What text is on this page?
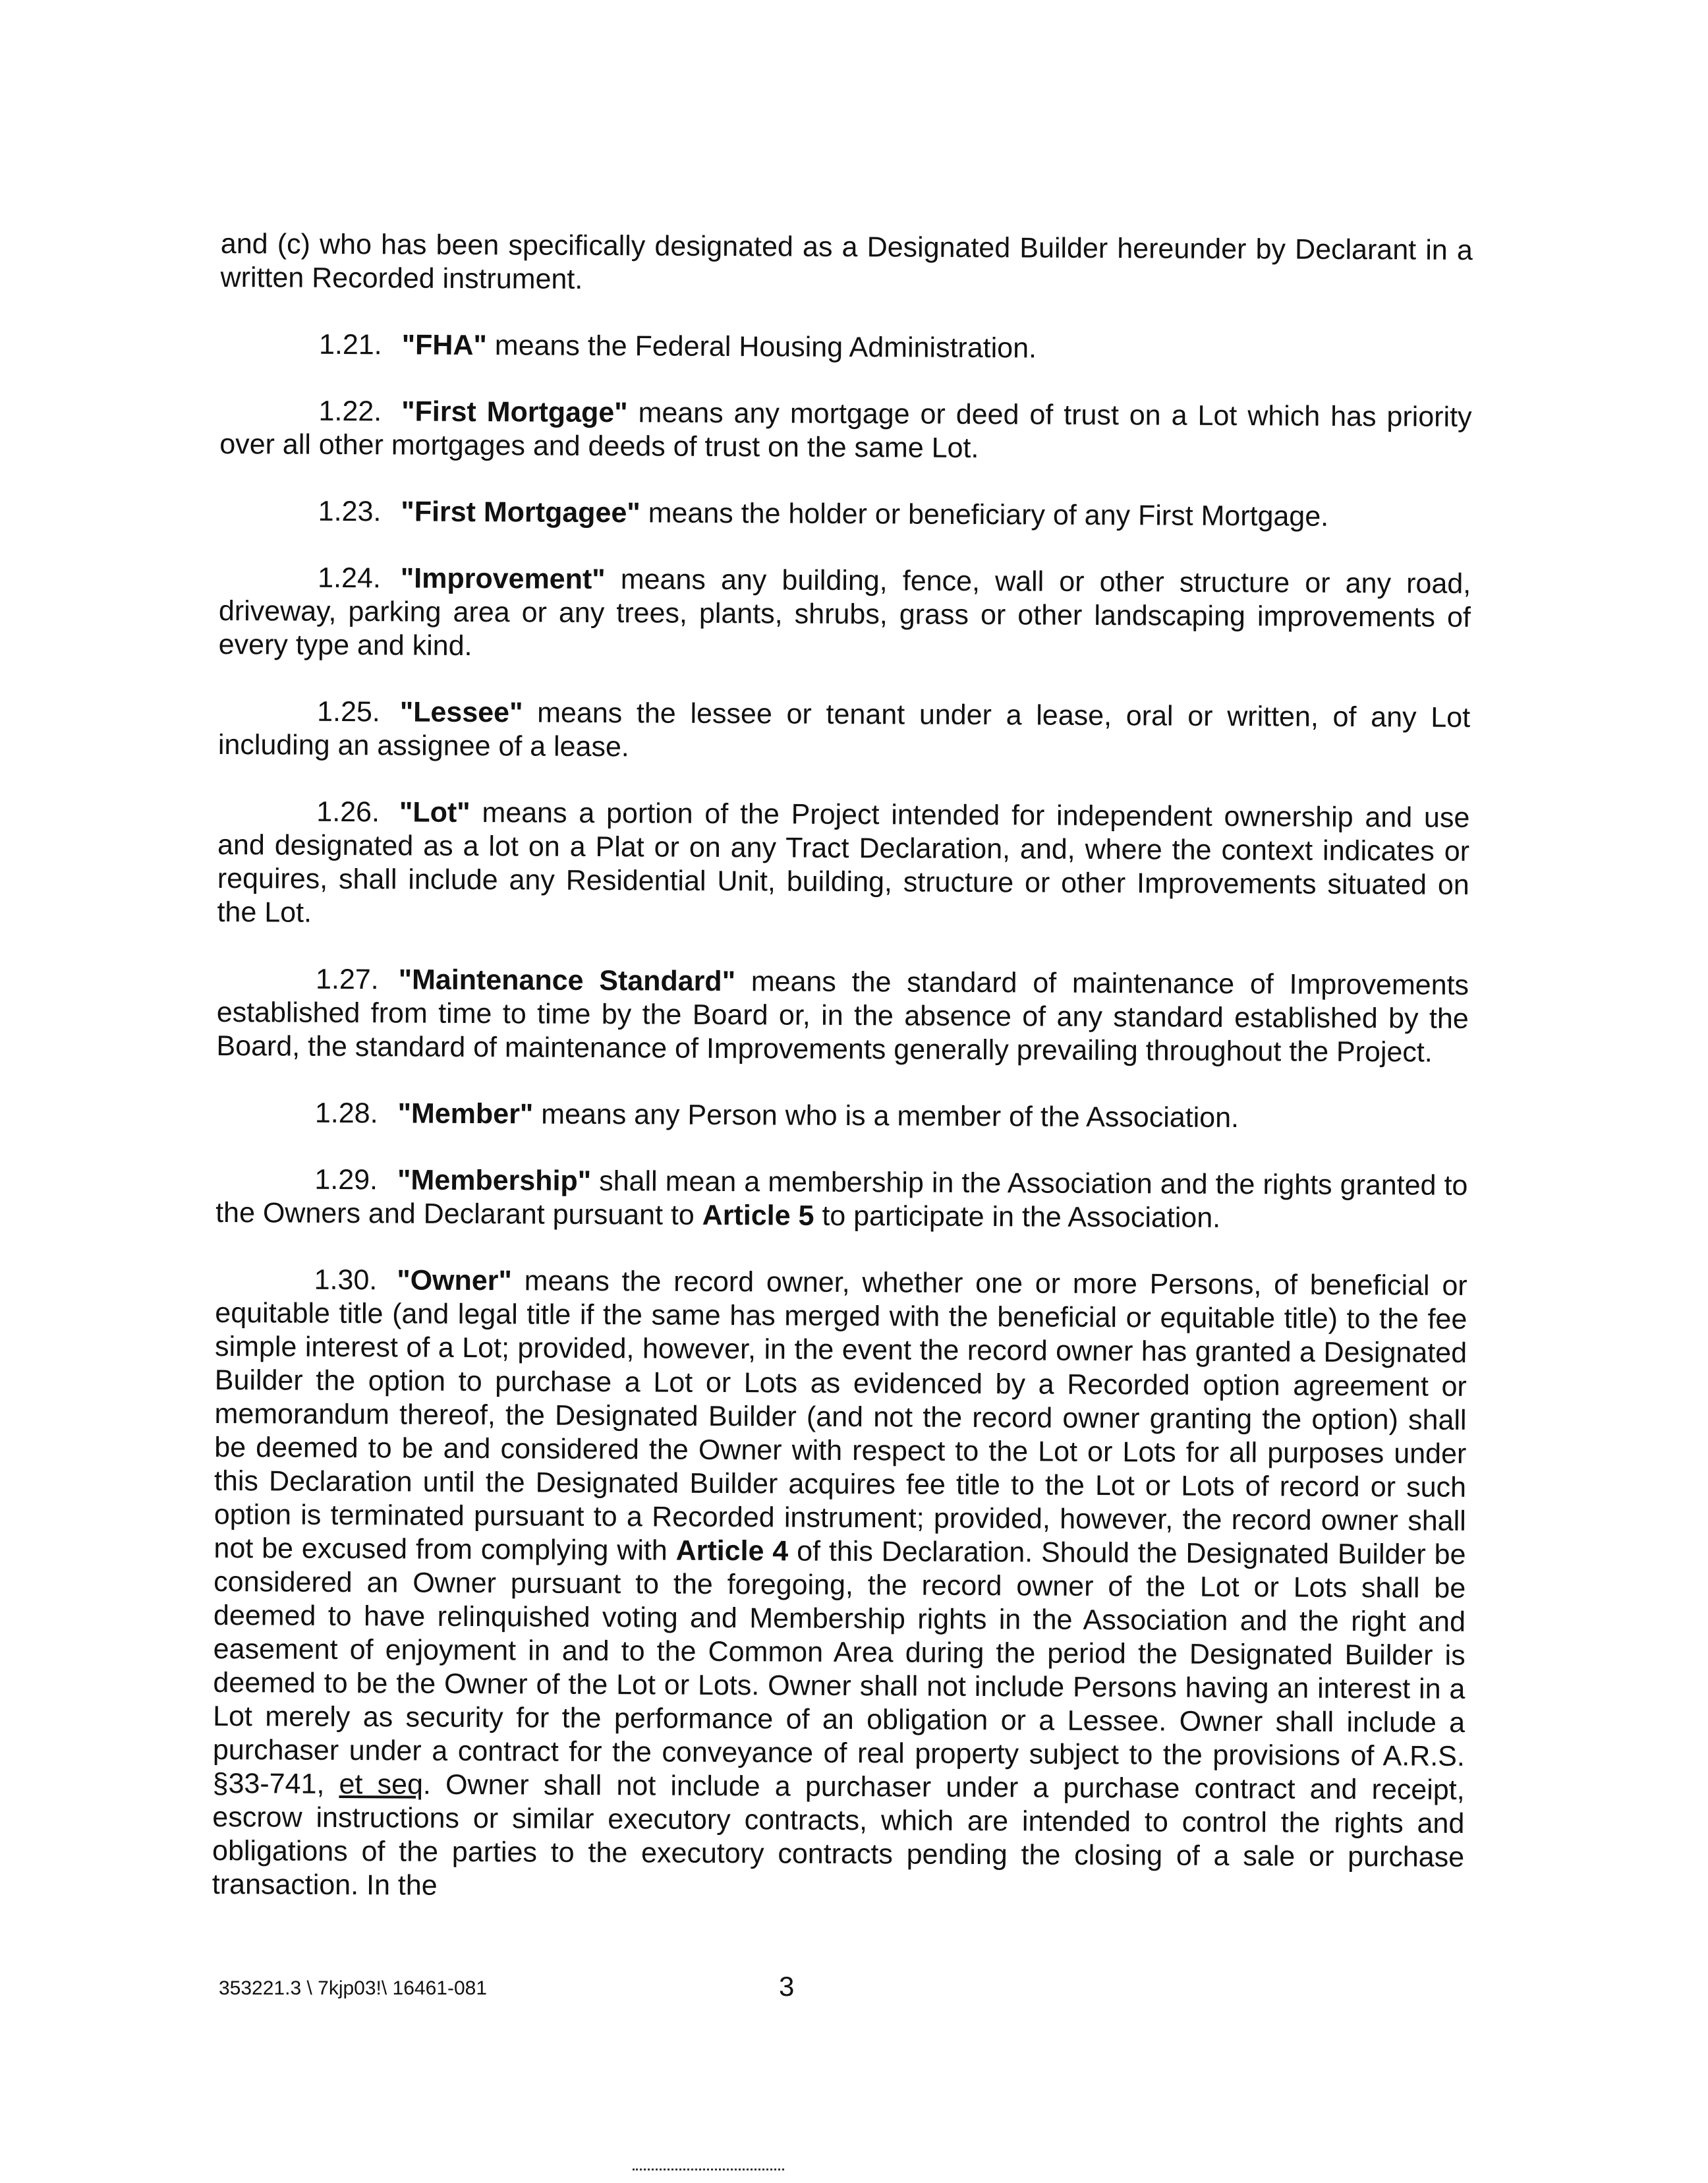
and (c) who has been specifically designated as a Designated Builder hereunder by Declarant in a written Recorded instrument.

1.21. "FHA" means the Federal Housing Administration.

1.22. "First Mortgage" means any mortgage or deed of trust on a Lot which has priority over all other mortgages and deeds of trust on the same Lot.

1.23. "First Mortgagee" means the holder or beneficiary of any First Mortgage.

1.24. "Improvement" means any building, fence, wall or other structure or any road, driveway, parking area or any trees, plants, shrubs, grass or other landscaping improvements of every type and kind.

1.25. "Lessee" means the lessee or tenant under a lease, oral or written, of any Lot including an assignee of a lease.

1.26. "Lot" means a portion of the Project intended for independent ownership and use and designated as a lot on a Plat or on any Tract Declaration, and, where the context indicates or requires, shall include any Residential Unit, building, structure or other Improvements situated on the Lot.

1.27. "Maintenance Standard" means the standard of maintenance of Improvements established from time to time by the Board or, in the absence of any standard established by the Board, the standard of maintenance of Improvements generally prevailing throughout the Project.

1.28. "Member" means any Person who is a member of the Association.

1.29. "Membership" shall mean a membership in the Association and the rights granted to the Owners and Declarant pursuant to Article 5 to participate in the Association.

1.30. "Owner" means the record owner, whether one or more Persons, of beneficial or equitable title (and legal title if the same has merged with the beneficial or equitable title) to the fee simple interest of a Lot; provided, however, in the event the record owner has granted a Designated Builder the option to purchase a Lot or Lots as evidenced by a Recorded option agreement or memorandum thereof, the Designated Builder (and not the record owner granting the option) shall be deemed to be and considered the Owner with respect to the Lot or Lots for all purposes under this Declaration until the Designated Builder acquires fee title to the Lot or Lots of record or such option is terminated pursuant to a Recorded instrument; provided, however, the record owner shall not be excused from complying with Article 4 of this Declaration. Should the Designated Builder be considered an Owner pursuant to the foregoing, the record owner of the Lot or Lots shall be deemed to have relinquished voting and Membership rights in the Association and the right and easement of enjoyment in and to the Common Area during the period the Designated Builder is deemed to be the Owner of the Lot or Lots. Owner shall not include Persons having an interest in a Lot merely as security for the performance of an obligation or a Lessee. Owner shall include a purchaser under a contract for the conveyance of real property subject to the provisions of A.R.S. §33-741, et seq. Owner shall not include a purchaser under a purchase contract and receipt, escrow instructions or similar executory contracts, which are intended to control the rights and obligations of the parties to the executory contracts pending the closing of a sale or purchase transaction. In the

353221.3 \ 7kjp03!\ 16461-081	3
